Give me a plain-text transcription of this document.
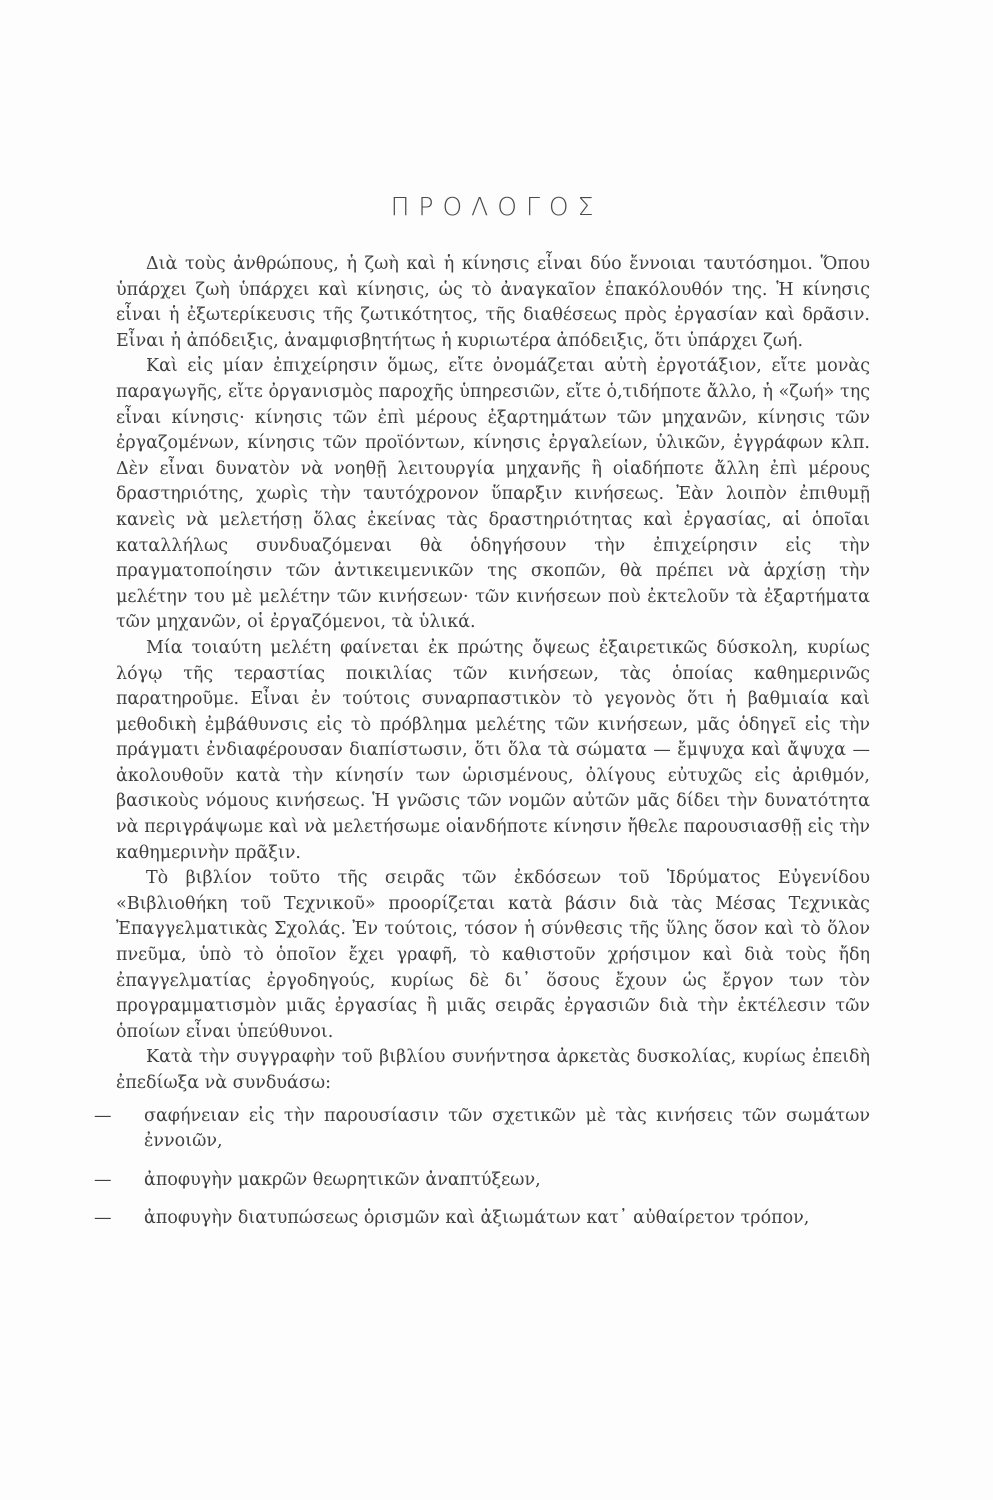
ΠΡΟΛΟΓΟΣ

Διὰ τοὺς ἀνθρώπους, ἡ ζωὴ καὶ ἡ κίνησις εἶναι δύο ἔννοιαι ταυτόσημοι. Ὅπου ὑπάρχει ζωὴ ὑπάρχει καὶ κίνησις, ὡς τὸ ἀναγκαῖον ἐπακόλουθόν της. Ἡ κίνησις εἶναι ἡ ἐξωτερίκευσις τῆς ζωτικότητος, τῆς διαθέσεως πρὸς ἐργασίαν καὶ δρᾶσιν. Εἶναι ἡ ἀπόδειξις, ἀναμφισβητήτως ἡ κυριωτέρα ἀπόδειξις, ὅτι ὑπάρχει ζωή.

Καὶ εἰς μίαν ἐπιχείρησιν ὅμως, εἴτε ὀνομάζεται αὐτὴ ἐργοτάξιον, εἴτε μονὰς παραγωγῆς, εἴτε ὀργανισμὸς παροχῆς ὑπηρεσιῶν, εἴτε ὁ,τιδήποτε ἄλλο, ἡ «ζωή» της εἶναι κίνησις· κίνησις τῶν ἐπὶ μέρους ἐξαρτημάτων τῶν μηχανῶν, κίνησις τῶν ἐργαζομένων, κίνησις τῶν προϊόντων, κίνησις ἐργαλείων, ὑλικῶν, ἐγγράφων κλπ. Δὲν εἶναι δυνατὸν νὰ νοηθῇ λειτουργία μηχανῆς ἢ οἱαδήποτε ἄλλη ἐπὶ μέρους δραστηριότης, χωρὶς τὴν ταυτόχρονον ὕπαρξιν κινήσεως. Ἐὰν λοιπὸν ἐπιθυμῇ κανεὶς νὰ μελετήσῃ ὅλας ἐκείνας τὰς δραστηριότητας καὶ ἐργασίας, αἱ ὁποῖαι καταλλήλως συνδυαζόμεναι θὰ ὁδηγήσουν τὴν ἐπιχείρησιν εἰς τὴν πραγματοποίησιν τῶν ἀντικειμενικῶν της σκοπῶν, θὰ πρέπει νὰ ἀρχίσῃ τὴν μελέτην του μὲ μελέτην τῶν κινήσεων· τῶν κινήσεων ποὺ ἐκτελοῦν τὰ ἐξαρτήματα τῶν μηχανῶν, οἱ ἐργαζόμενοι, τὰ ὑλικά.

Μία τοιαύτη μελέτη φαίνεται ἐκ πρώτης ὄψεως ἐξαιρετικῶς δύσκολη, κυρίως λόγῳ τῆς τεραστίας ποικιλίας τῶν κινήσεων, τὰς ὁποίας καθημερινῶς παρατηροῦμε. Εἶναι ἐν τούτοις συναρπαστικὸν τὸ γεγονὸς ὅτι ἡ βαθμιαία καὶ μεθοδικὴ ἐμβάθυνσις εἰς τὸ πρόβλημα μελέτης τῶν κινήσεων, μᾶς ὁδηγεῖ εἰς τὴν πράγματι ἐνδιαφέρουσαν διαπίστωσιν, ὅτι ὅλα τὰ σώματα — ἔμψυχα καὶ ἄψυχα — ἀκολουθοῦν κατὰ τὴν κίνησίν των ὡρισμένους, ὀλίγους εὐτυχῶς εἰς ἀριθμόν, βασικοὺς νόμους κινήσεως. Ἡ γνῶσις τῶν νομῶν αὐτῶν μᾶς δίδει τὴν δυνατότητα νὰ περιγράψωμε καὶ νὰ μελετήσωμε οἱανδήποτε κίνησιν ἤθελε παρουσιασθῇ εἰς τὴν καθημερινὴν πρᾶξιν.

Τὸ βιβλίον τοῦτο τῆς σειρᾶς τῶν ἐκδόσεων τοῦ Ἱδρύματος Εὐγενίδου «Βιβλιοθήκη τοῦ Τεχνικοῦ» προορίζεται κατὰ βάσιν διὰ τὰς Μέσας Τεχνικὰς Ἐπαγγελματικὰς Σχολάς. Ἐν τούτοις, τόσον ἡ σύνθεσις τῆς ὕλης ὅσον καὶ τὸ ὅλον πνεῦμα, ὑπὸ τὸ ὁποῖον ἔχει γραφῆ, τὸ καθιστοῦν χρήσιμον καὶ διὰ τοὺς ἤδη ἐπαγγελματίας ἐργοδηγούς, κυρίως δὲ δι᾽ ὅσους ἔχουν ὡς ἔργον των τὸν προγραμματισμὸν μιᾶς ἐργασίας ἢ μιᾶς σειρᾶς ἐργασιῶν διὰ τὴν ἐκτέλεσιν τῶν ὁποίων εἶναι ὑπεύθυνοι.

Κατὰ τὴν συγγραφὴν τοῦ βιβλίου συνήντησα ἀρκετὰς δυσκολίας, κυρίως ἐπειδὴ ἐπεδίωξα νὰ συνδυάσω:

— σαφήνειαν εἰς τὴν παρουσίασιν τῶν σχετικῶν μὲ τὰς κινήσεις τῶν σωμάτων ἐννοιῶν,

— ἀποφυγὴν μακρῶν θεωρητικῶν ἀναπτύξεων,

— ἀποφυγὴν διατυπώσεως ὁρισμῶν καὶ ἀξιωμάτων κατ᾽ αὐθαίρετον τρόπον,
